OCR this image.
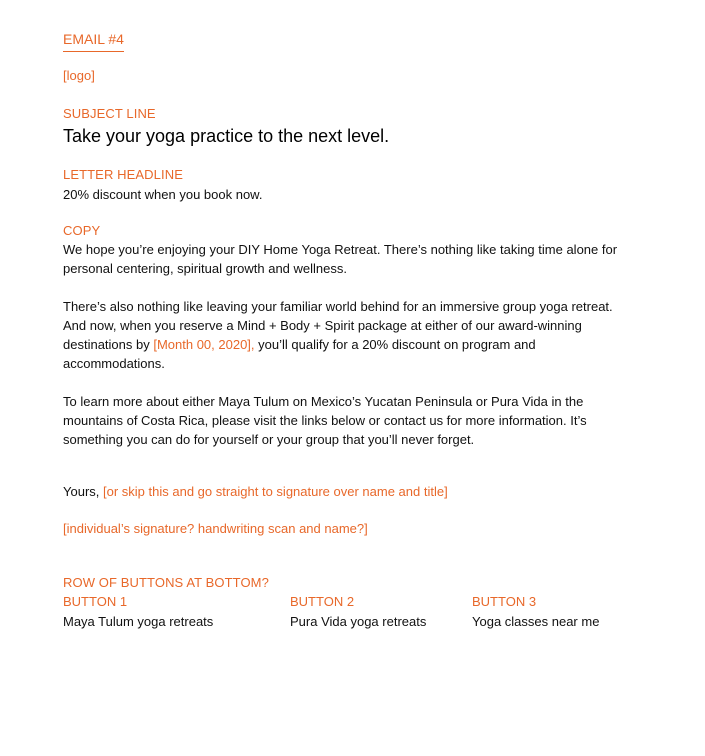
EMAIL #4
[logo]
SUBJECT LINE
Take your yoga practice to the next level.
LETTER HEADLINE
20% discount when you book now.
COPY

We hope you’re enjoying your DIY Home Yoga Retreat. There’s nothing like taking time alone for personal centering, spiritual growth and wellness.

There’s also nothing like leaving your familiar world behind for an immersive group yoga retreat. And now, when you reserve a Mind + Body + Spirit package at either of our award-winning destinations by [Month 00, 2020], you’ll qualify for a 20% discount on program and accommodations.

To learn more about either Maya Tulum on Mexico’s Yucatan Peninsula or Pura Vida in the mountains of Costa Rica, please visit the links below or contact us for more information. It’s something you can do for yourself or your group that you’ll never forget.

Yours, [or skip this and go straight to signature over name and title]
[individual’s signature? handwriting scan and name?]
ROW OF BUTTONS AT BOTTOM?
BUTTON 1
Maya Tulum yoga retreats
BUTTON 2
Pura Vida yoga retreats
BUTTON 3
Yoga classes near me
